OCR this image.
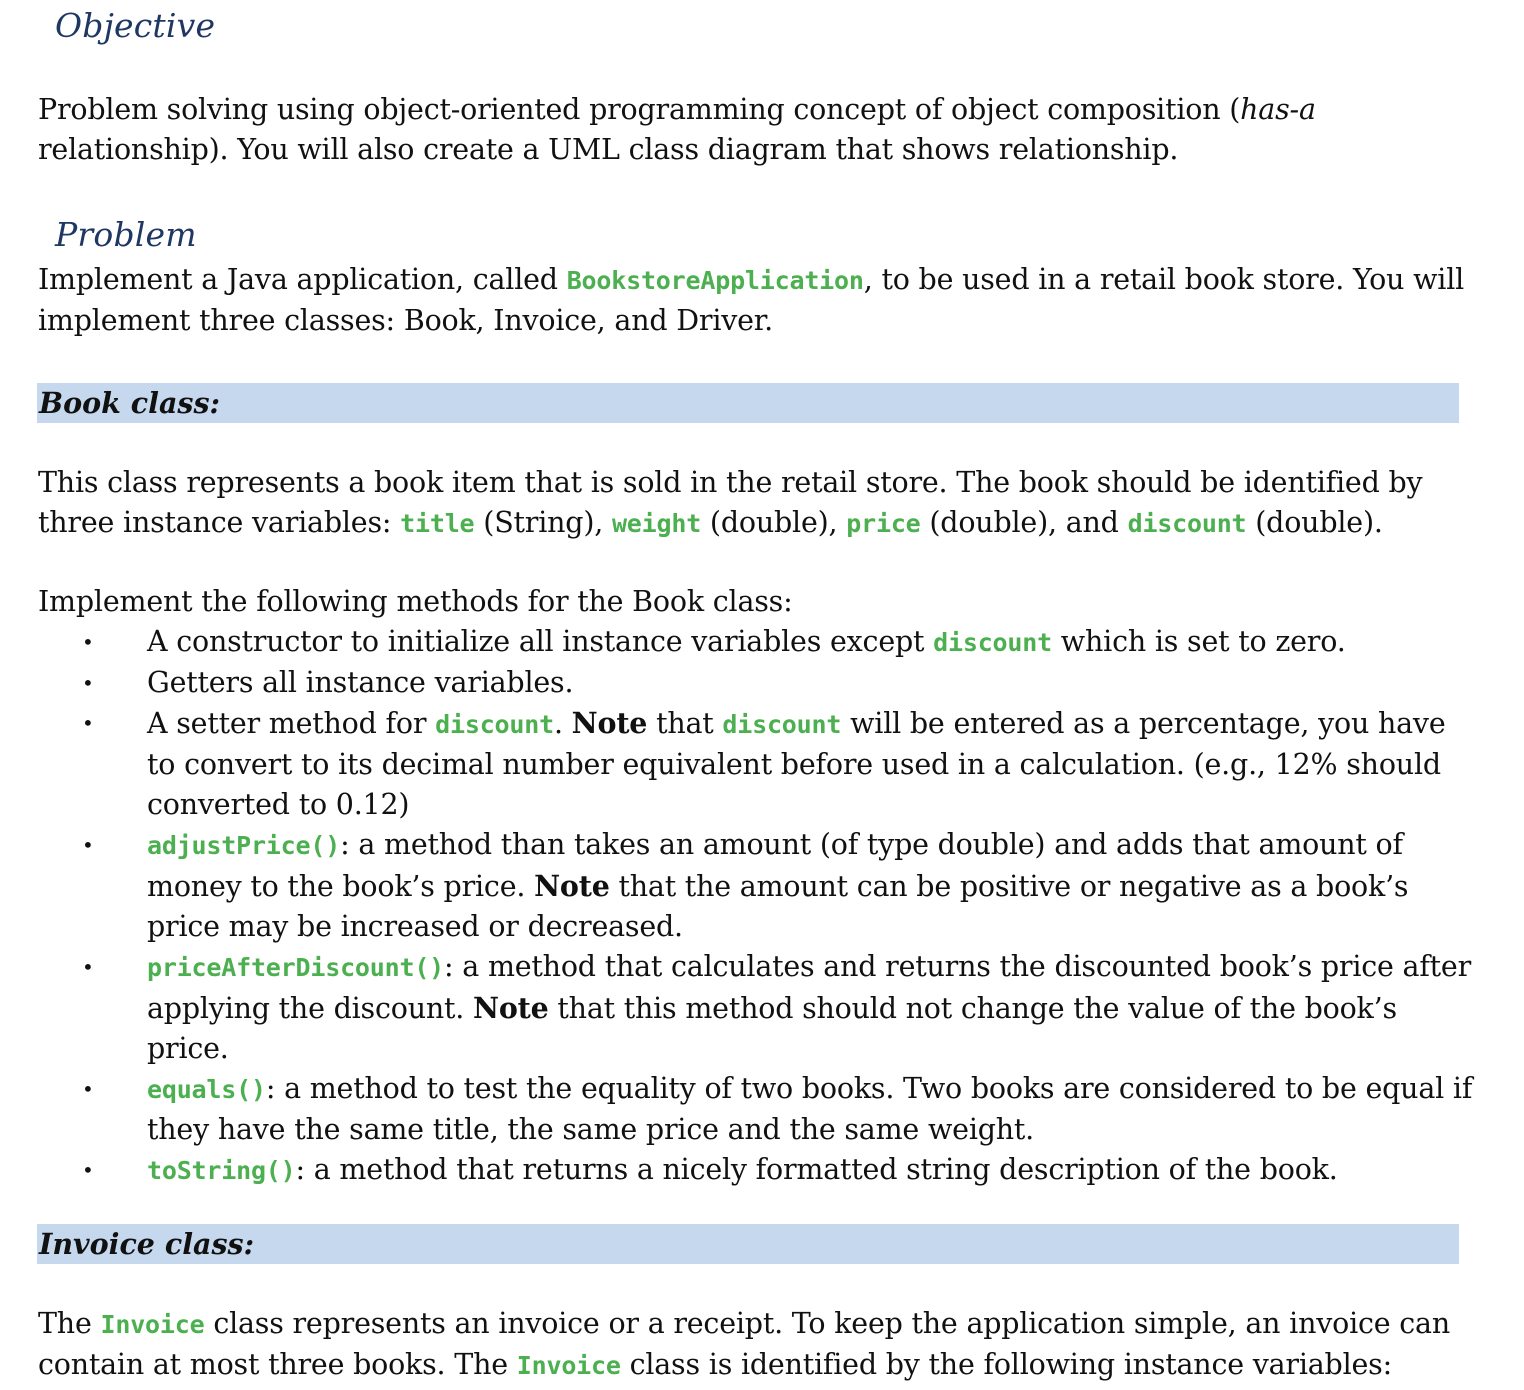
Objective
Problem solving using object-oriented programming concept of object composition (has-a relationship). You will also create a UML class diagram that shows relationship.
Problem
Implement a Java application, called BookstoreApplication, to be used in a retail book store. You will implement three classes: Book, Invoice, and Driver.
Book class:
This class represents a book item that is sold in the retail store. The book should be identified by three instance variables: title (String), weight (double), price (double), and discount (double).
Implement the following methods for the Book class:
• A constructor to initialize all instance variables except discount which is set to zero.
• Getters all instance variables.
• A setter method for discount. Note that discount will be entered as a percentage, you have to convert to its decimal number equivalent before used in a calculation. (e.g., 12% should converted to 0.12)
• adjustPrice(): a method than takes an amount (of type double) and adds that amount of money to the book’s price. Note that the amount can be positive or negative as a book’s price may be increased or decreased.
• priceAfterDiscount(): a method that calculates and returns the discounted book’s price after applying the discount. Note that this method should not change the value of the book’s price.
• equals(): a method to test the equality of two books. Two books are considered to be equal if they have the same title, the same price and the same weight.
• toString(): a method that returns a nicely formatted string description of the book.
Invoice class:
The Invoice class represents an invoice or a receipt. To keep the application simple, an invoice can contain at most three books. The Invoice class is identified by the following instance variables:
